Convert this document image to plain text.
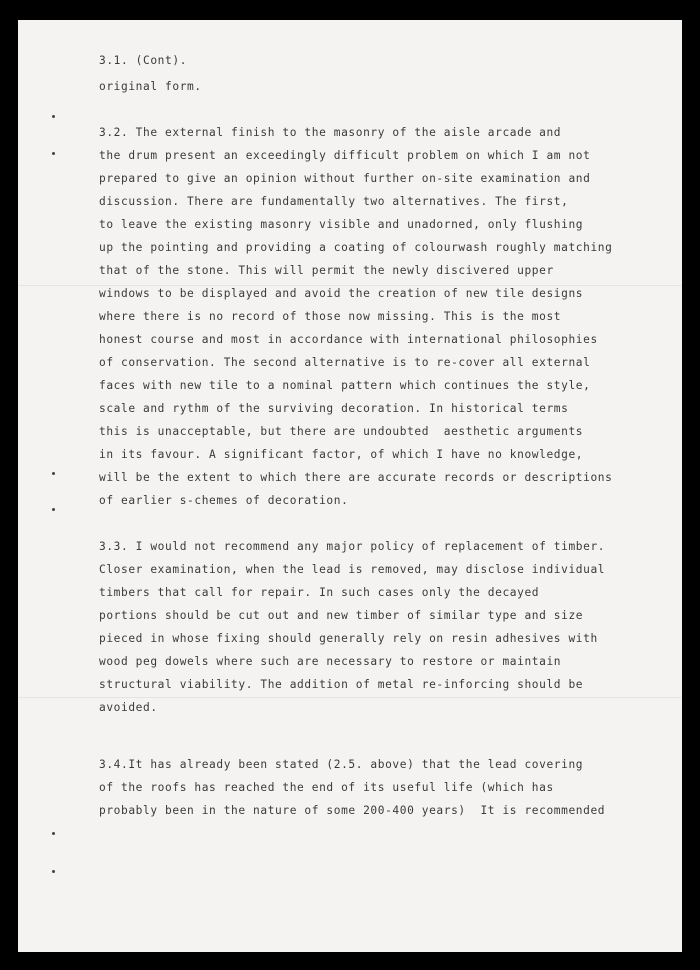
3.1. (Cont).

original form.

3.2. The external finish to the masonry of the aisle arcade and

the drum present an exceedingly difficult problem on which I am not

prepared to give an opinion without further on-site examination and

discussion. There are fundamentally two alternatives. The first,

to leave the existing masonry visible and unadorned, only flushing

up the pointing and providing a coating of colourwash roughly matching

that of the stone. This will permit the newly discivered upper

windows to be displayed and avoid the creation of new tile designs

where there is no record of those now missing. This is the most

honest course and most in accordance with international philosophies

of conservation. The second alternative is to re-cover all external

faces with new tile to a nominal pattern which continues the style,

scale and rythm of the surviving decoration. In historical terms

this is unacceptable, but there are undoubted  aesthetic arguments

in its favour. A significant factor, of which I have no knowledge,

will be the extent to which there are accurate records or descriptions

of earlier s-chemes of decoration.

3.3. I would not recommend any major policy of replacement of timber.

Closer examination, when the lead is removed, may disclose individual

timbers that call for repair. In such cases only the decayed

portions should be cut out and new timber of similar type and size

pieced in whose fixing should generally rely on resin adhesives with

wood peg dowels where such are necessary to restore or maintain

structural viability. The addition of metal re-inforcing should be

avoided.

3.4.It has already been stated (2.5. above) that the lead covering

of the roofs has reached the end of its useful life (which has

probably been in the nature of some 200-400 years)  It is recommended
